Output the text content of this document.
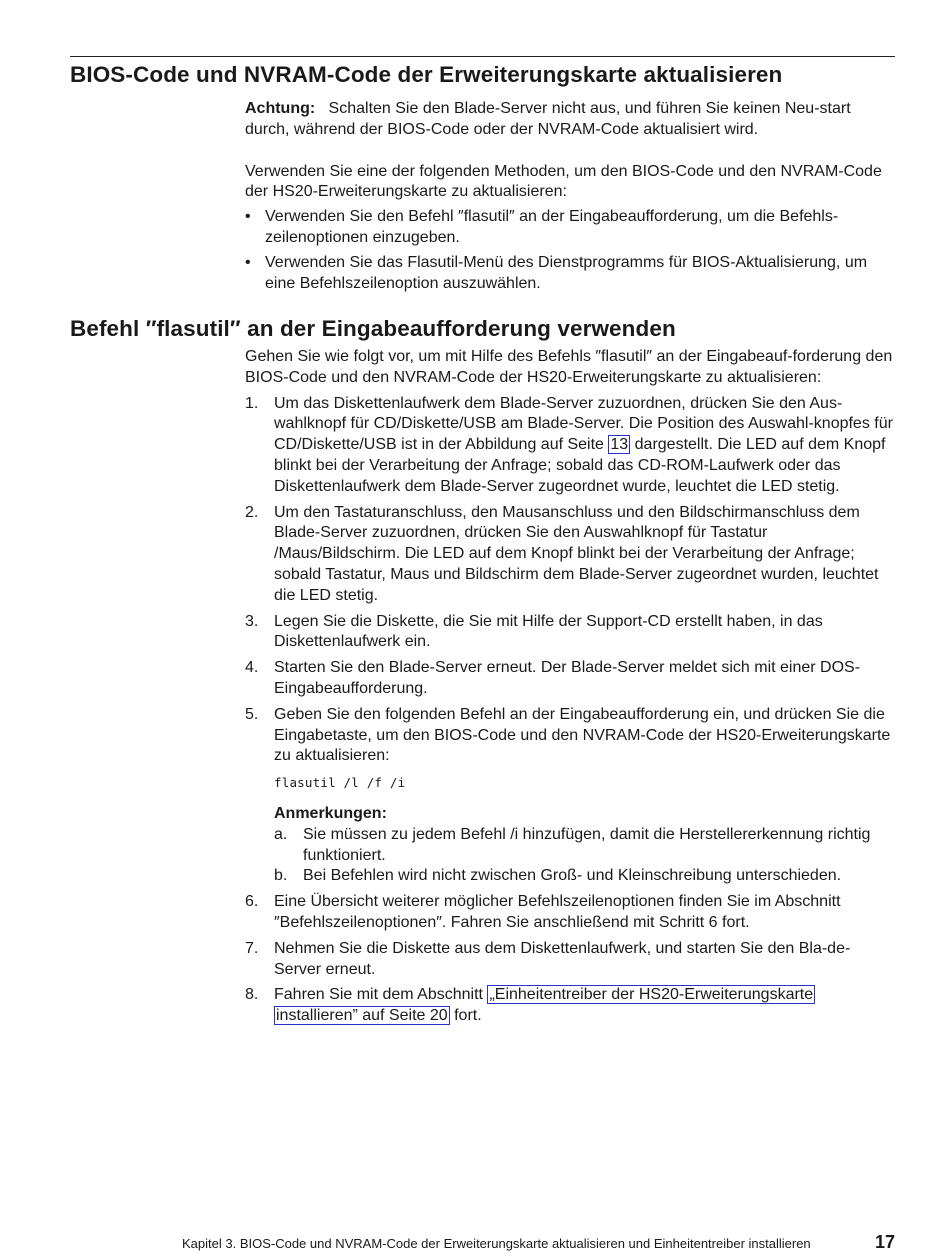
BIOS-Code und NVRAM-Code der Erweiterungskarte aktualisieren

Achtung: Schalten Sie den Blade-Server nicht aus, und führen Sie keinen Neu-start durch, während der BIOS-Code oder der NVRAM-Code aktualisiert wird.

Verwenden Sie eine der folgenden Methoden, um den BIOS-Code und den NVRAM-Code der HS20-Erweiterungskarte zu aktualisieren:

• Verwenden Sie den Befehl ″flasutil″ an der Eingabeaufforderung, um die Befehls-zeilenoptionen einzugeben.
• Verwenden Sie das Flasutil-Menü des Dienstprogramms für BIOS-Aktualisierung, um eine Befehlszeilenoption auszuwählen.
Befehl ″flasutil″ an der Eingabeaufforderung verwenden

Gehen Sie wie folgt vor, um mit Hilfe des Befehls ″flasutil″ an der Eingabeauf-forderung den BIOS-Code und den NVRAM-Code der HS20-Erweiterungskarte zu aktualisieren:

1. Um das Diskettenlaufwerk dem Blade-Server zuzuordnen, drücken Sie den Aus-wahlknopf für CD/Diskette/USB am Blade-Server. Die Position des Auswahl-knopfes für CD/Diskette/USB ist in der Abbildung auf Seite 13 dargestellt. Die LED auf dem Knopf blinkt bei der Verarbeitung der Anfrage; sobald das CD-ROM-Laufwerk oder das Diskettenlaufwerk dem Blade-Server zugeordnet wurde, leuchtet die LED stetig.
2. Um den Tastaturanschluss, den Mausanschluss und den Bildschirmanschluss dem Blade-Server zuzuordnen, drücken Sie den Auswahlknopf für Tastatur /Maus/Bildschirm. Die LED auf dem Knopf blinkt bei der Verarbeitung der Anfrage; sobald Tastatur, Maus und Bildschirm dem Blade-Server zugeordnet wurden, leuchtet die LED stetig.
3. Legen Sie die Diskette, die Sie mit Hilfe der Support-CD erstellt haben, in das Diskettenlaufwerk ein.
4. Starten Sie den Blade-Server erneut. Der Blade-Server meldet sich mit einer DOS-Eingabeaufforderung.
5. Geben Sie den folgenden Befehl an der Eingabeaufforderung ein, und drücken Sie die Eingabetaste, um den BIOS-Code und den NVRAM-Code der HS20-Erweiterungskarte zu aktualisieren:
flasutil /l /f /i
Anmerkungen:
a. Sie müssen zu jedem Befehl /i hinzufügen, damit die Herstellererkennung richtig funktioniert.
b. Bei Befehlen wird nicht zwischen Groß- und Kleinschreibung unterschieden.
6. Eine Übersicht weiterer möglicher Befehlszeilenoptionen finden Sie im Abschnitt ″Befehlszeilenoptionen″. Fahren Sie anschließend mit Schritt 6 fort.
7. Nehmen Sie die Diskette aus dem Diskettenlaufwerk, und starten Sie den Bla-de-Server erneut.
8. Fahren Sie mit dem Abschnitt „Einheitentreiber der HS20-Erweiterungskarte
installieren” auf Seite 20 fort.
Kapitel 3. BIOS-Code und NVRAM-Code der Erweiterungskarte aktualisieren und Einheitentreiber installieren	17
